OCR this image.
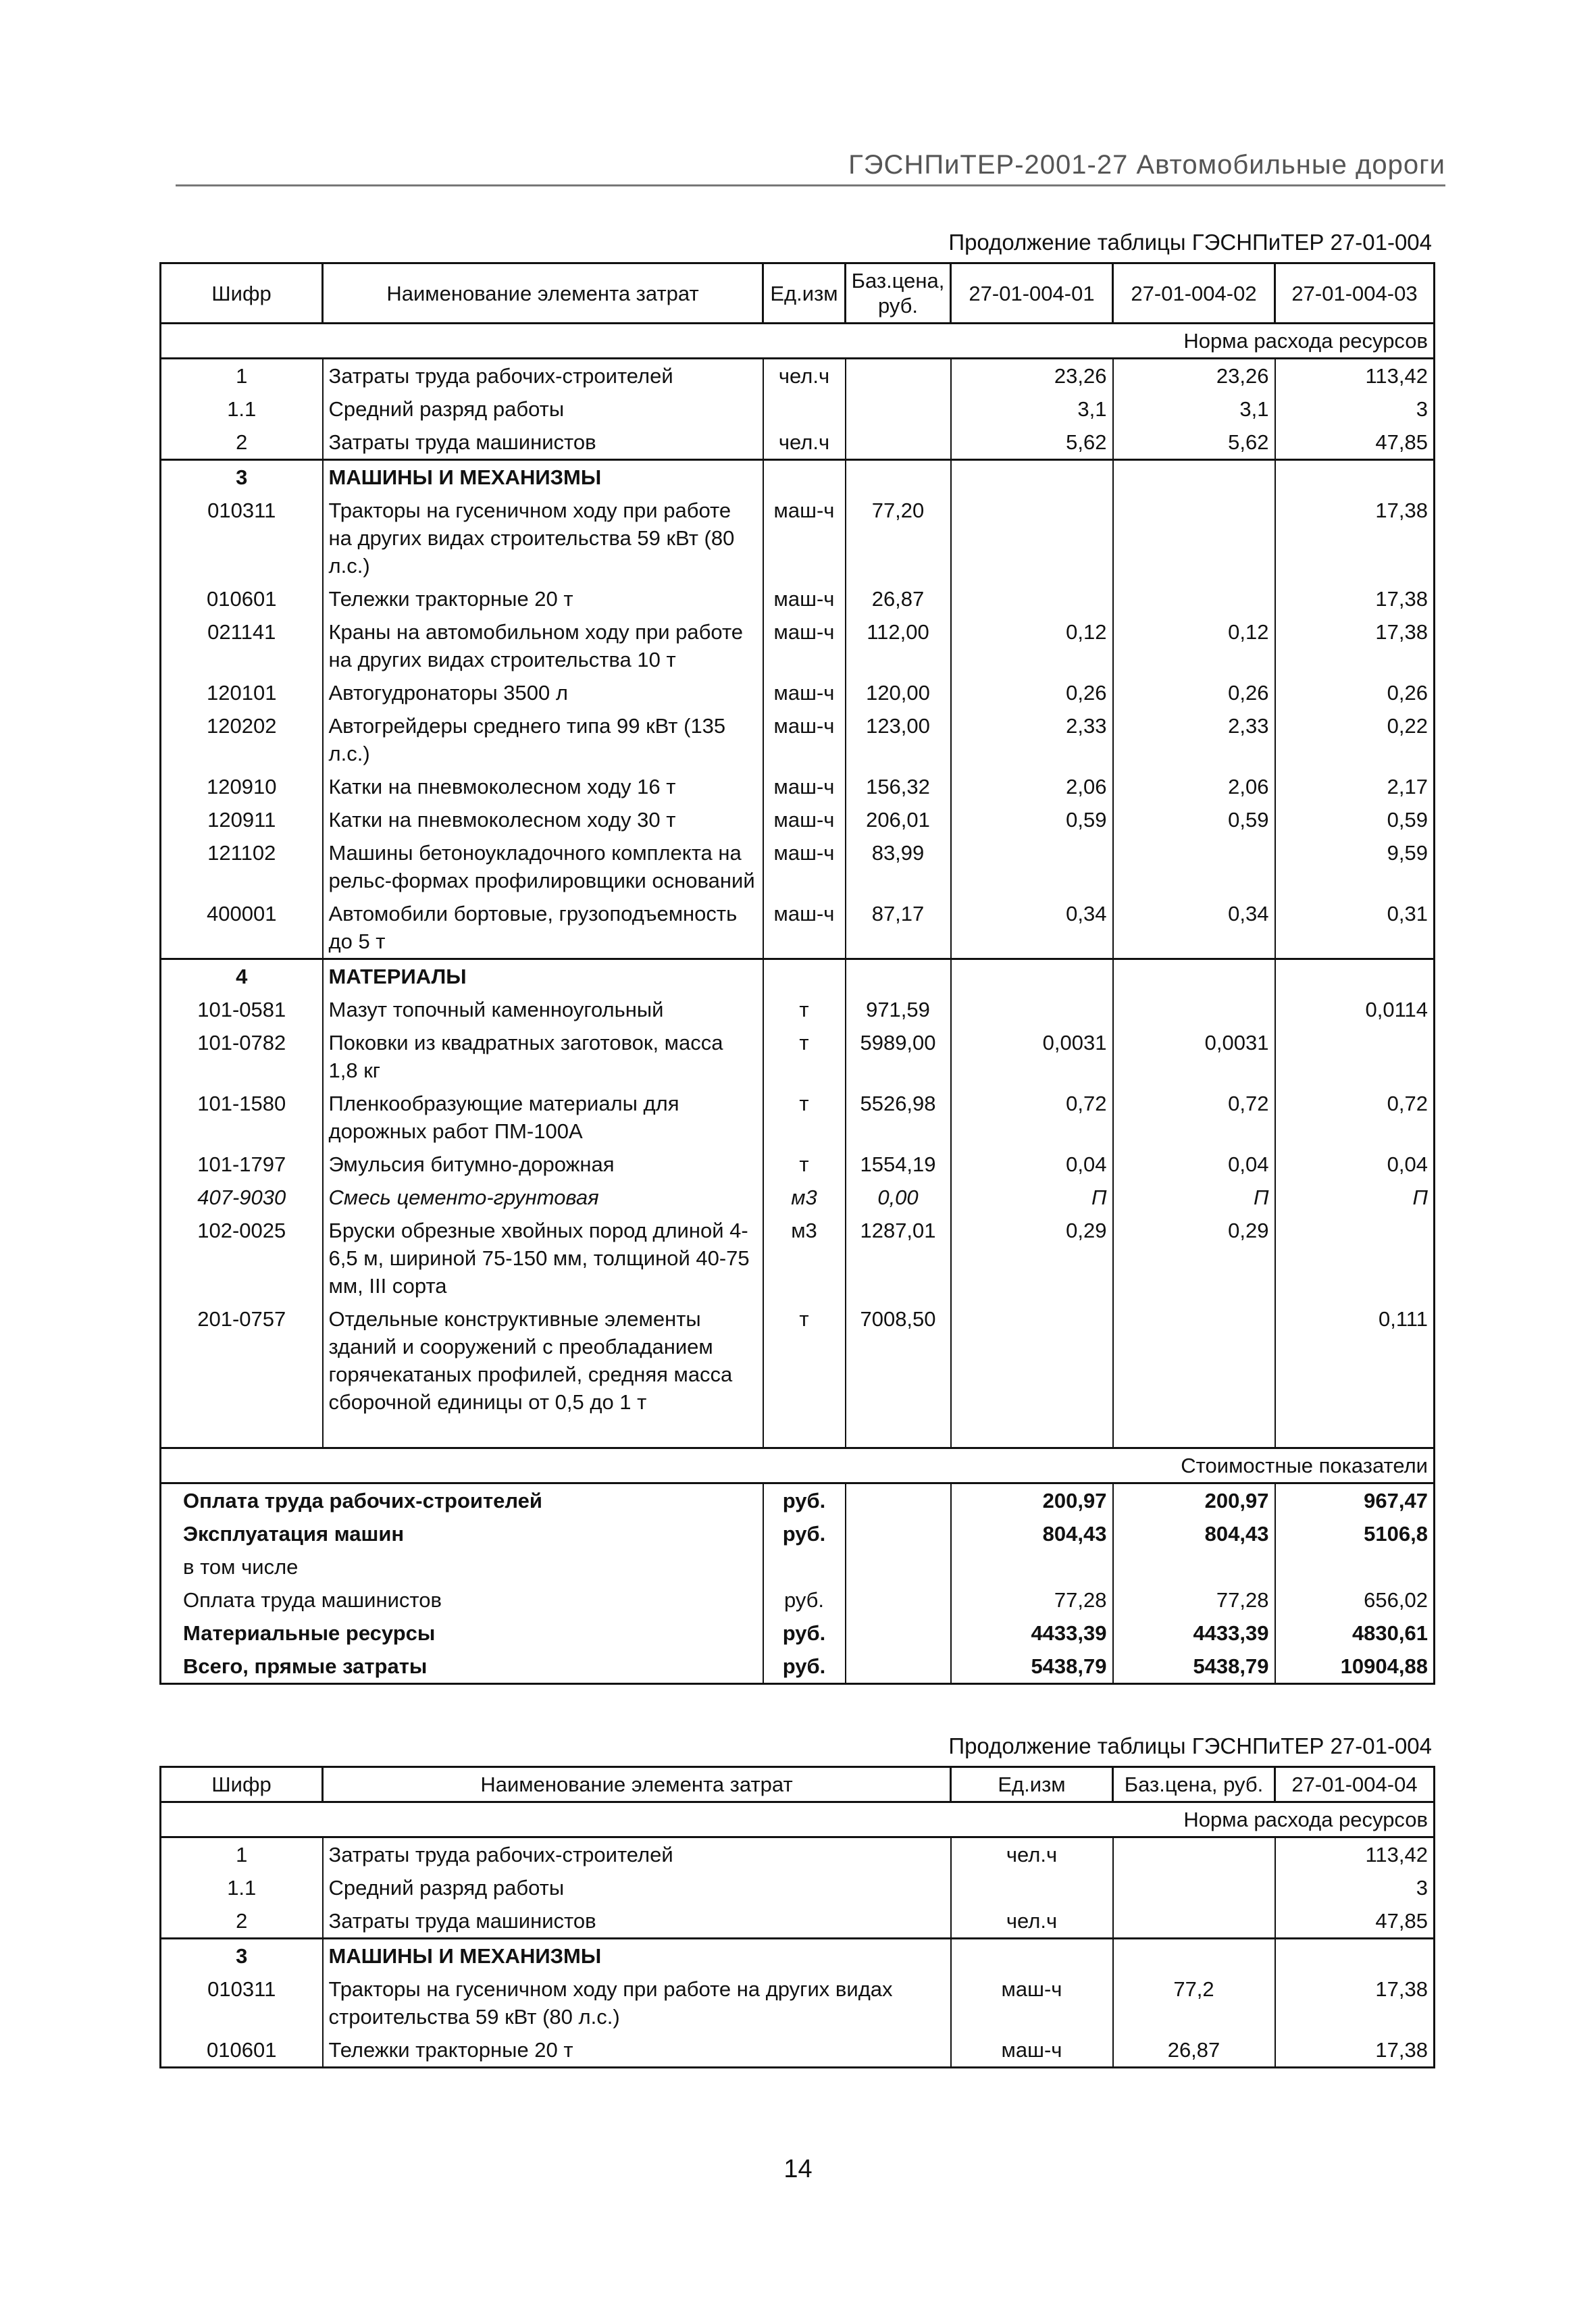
ГЭСНПиТЕР-2001-27 Автомобильные дороги
Продолжение таблицы ГЭСНПиТЕР 27-01-004
Шифр	Наименование элемента затрат	Ед.изм	Баз.цена, руб.	27-01-004-01	27-01-004-02	27-01-004-03
Норма расхода ресурсов						
1	Затраты труда рабочих-строителей	чел.ч		23,26	23,26	113,42
1.1	Средний разряд работы			3,1	3,1	3
2	Затраты труда машинистов	чел.ч		5,62	5,62	47,85
3	МАШИНЫ И МЕХАНИЗМЫ					
010311	Тракторы на гусеничном ходу при работе на других видах строительства 59 кВт (80 л.с.)	маш-ч	77,20			17,38
010601	Тележки тракторные 20 т	маш-ч	26,87			17,38
021141	Краны на автомобильном ходу при работе на других видах строительства 10 т	маш-ч	112,00	0,12	0,12	17,38
120101	Автогудронаторы 3500 л	маш-ч	120,00	0,26	0,26	0,26
120202	Автогрейдеры среднего типа 99 кВт (135 л.с.)	маш-ч	123,00	2,33	2,33	0,22
120910	Катки на пневмоколесном ходу 16 т	маш-ч	156,32	2,06	2,06	2,17
120911	Катки на пневмоколесном ходу 30 т	маш-ч	206,01	0,59	0,59	0,59
121102	Машины бетоноукладочного комплекта на рельс-формах профилировщики оснований	маш-ч	83,99			9,59
400001	Автомобили бортовые, грузоподъемность до 5 т	маш-ч	87,17	0,34	0,34	0,31
4	МАТЕРИАЛЫ					
101-0581	Мазут топочный каменноугольный	т	971,59			0,0114
101-0782	Поковки из квадратных заготовок, масса 1,8 кг	т	5989,00	0,0031	0,0031	
101-1580	Пленкообразующие материалы для дорожных работ ПМ-100А	т	5526,98	0,72	0,72	0,72
101-1797	Эмульсия битумно-дорожная	т	1554,19	0,04	0,04	0,04
407-9030	Смесь цементо-грунтовая	м3	0,00	П	П	П
102-0025	Бруски обрезные хвойных пород длиной 4-6,5 м, шириной 75-150 мм, толщиной 40-75 мм, III сорта	м3	1287,01	0,29	0,29	
201-0757	Отдельные конструктивные элементы зданий и сооружений с преобладанием горячекатаных профилей, средняя масса сборочной единицы от 0,5 до 1 т	т	7008,50			0,111

Стоимостные показатели						
Оплата труда рабочих-строителей		руб.		200,97	200,97	967,47
Эксплуатация машин		руб.		804,43	804,43	5106,8
в том числе						
Оплата труда машинистов		руб.		77,28	77,28	656,02
Материальные ресурсы		руб.		4433,39	4433,39	4830,61
Всего, прямые затраты		руб.		5438,79	5438,79	10904,88
Продолжение таблицы ГЭСНПиТЕР 27-01-004
Шифр	Наименование элемента затрат	Ед.изм	Баз.цена, руб.	27-01-004-04
Норма расхода ресурсов				
1	Затраты труда рабочих-строителей	чел.ч		113,42
1.1	Средний разряд работы			3
2	Затраты труда машинистов	чел.ч		47,85
3	МАШИНЫ И МЕХАНИЗМЫ			
010311	Тракторы на гусеничном ходу при работе на других видах строительства 59 кВт (80 л.с.)	маш-ч	77,2	17,38
010601	Тележки тракторные 20 т	маш-ч	26,87	17,38
14
